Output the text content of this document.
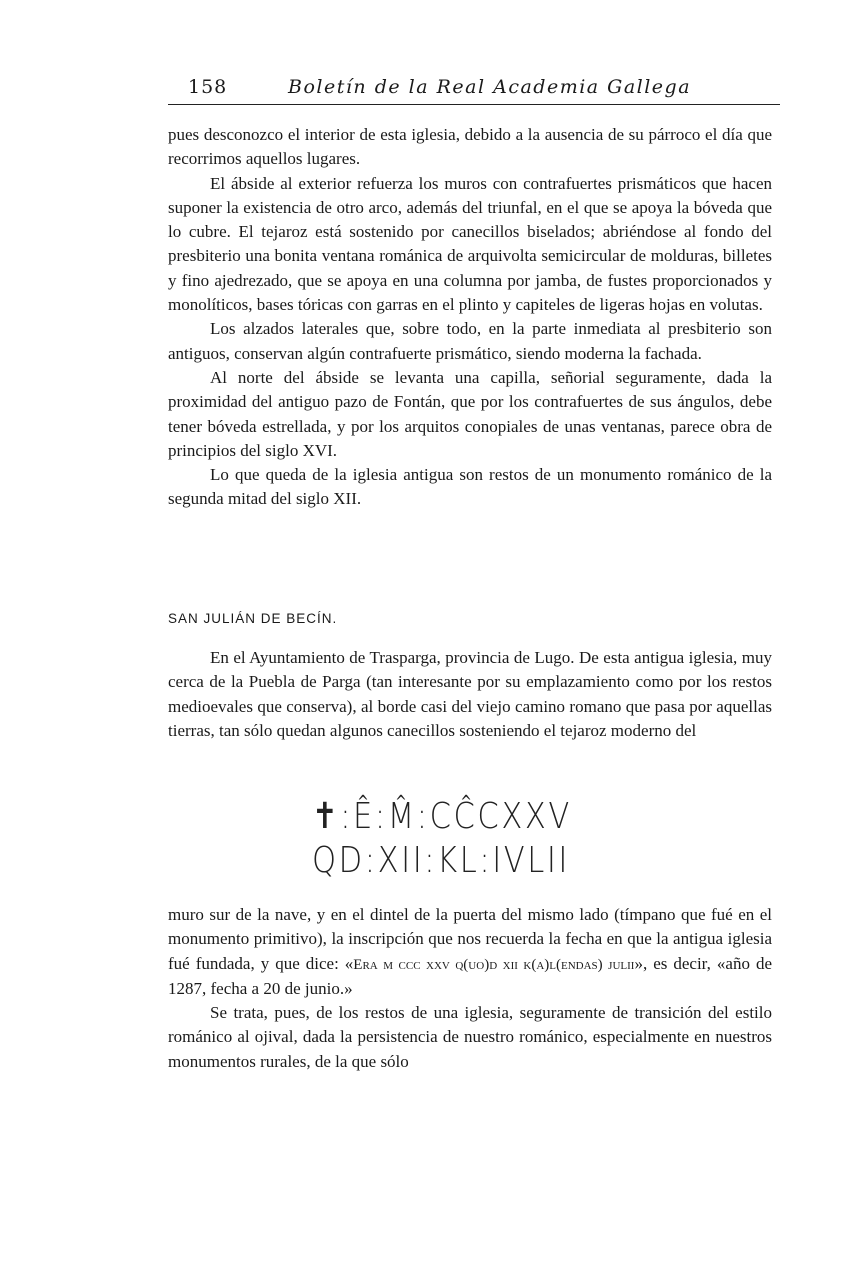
158	Boletín de la Real Academia Gallega

pues desconozco el interior de esta iglesia, debido a la ausencia de su párroco el día que recorrimos aquellos lugares.

El ábside al exterior refuerza los muros con contrafuertes prismáticos que hacen suponer la existencia de otro arco, además del triunfal, en el que se apoya la bóveda que lo cubre. El tejaroz está sostenido por canecillos biselados; abriéndose al fondo del presbiterio una bonita ventana románica de arquivolta semicircular de molduras, billetes y fino ajedrezado, que se apoya en una columna por jamba, de fustes proporcionados y monolíticos, bases tóricas con garras en el plinto y capiteles de ligeras hojas en volutas.

Los alzados laterales que, sobre todo, en la parte inmediata al presbiterio son antiguos, conservan algún contrafuerte prismático, siendo moderna la fachada.

Al norte del ábside se levanta una capilla, señorial seguramente, dada la proximidad del antiguo pazo de Fontán, que por los contrafuertes de sus ángulos, debe tener bóveda estrellada, y por los arquitos conopiales de unas ventanas, parece obra de principios del siglo XVI.

Lo que queda de la iglesia antigua son restos de un monumento románico de la segunda mitad del siglo XII.

SAN JULIÁN DE BECÍN.

En el Ayuntamiento de Trasparga, provincia de Lugo. De esta antigua iglesia, muy cerca de la Puebla de Parga (tan interesante por su emplazamiento como por los restos medioevales que conserva), al borde casi del viejo camino romano que pasa por aquellas tierras, tan sólo quedan algunos canecillos sosteniendo el tejaroz moderno del

✝:Ê:M̂:CĈCXXV
QD:XII:KL:IVLII

muro sur de la nave, y en el dintel de la puerta del mismo lado (tímpano que fué en el monumento primitivo), la inscripción que nos recuerda la fecha en que la antigua iglesia fué fundada, y que dice: «Era m ccc xxv q(uo)d xii k(a)l(endas) julii», es decir, «año de 1287, fecha a 20 de junio.»

Se trata, pues, de los restos de una iglesia, seguramente de transición del estilo románico al ojival, dada la persistencia de nuestro románico, especialmente en nuestros monumentos rurales, de la que sólo
